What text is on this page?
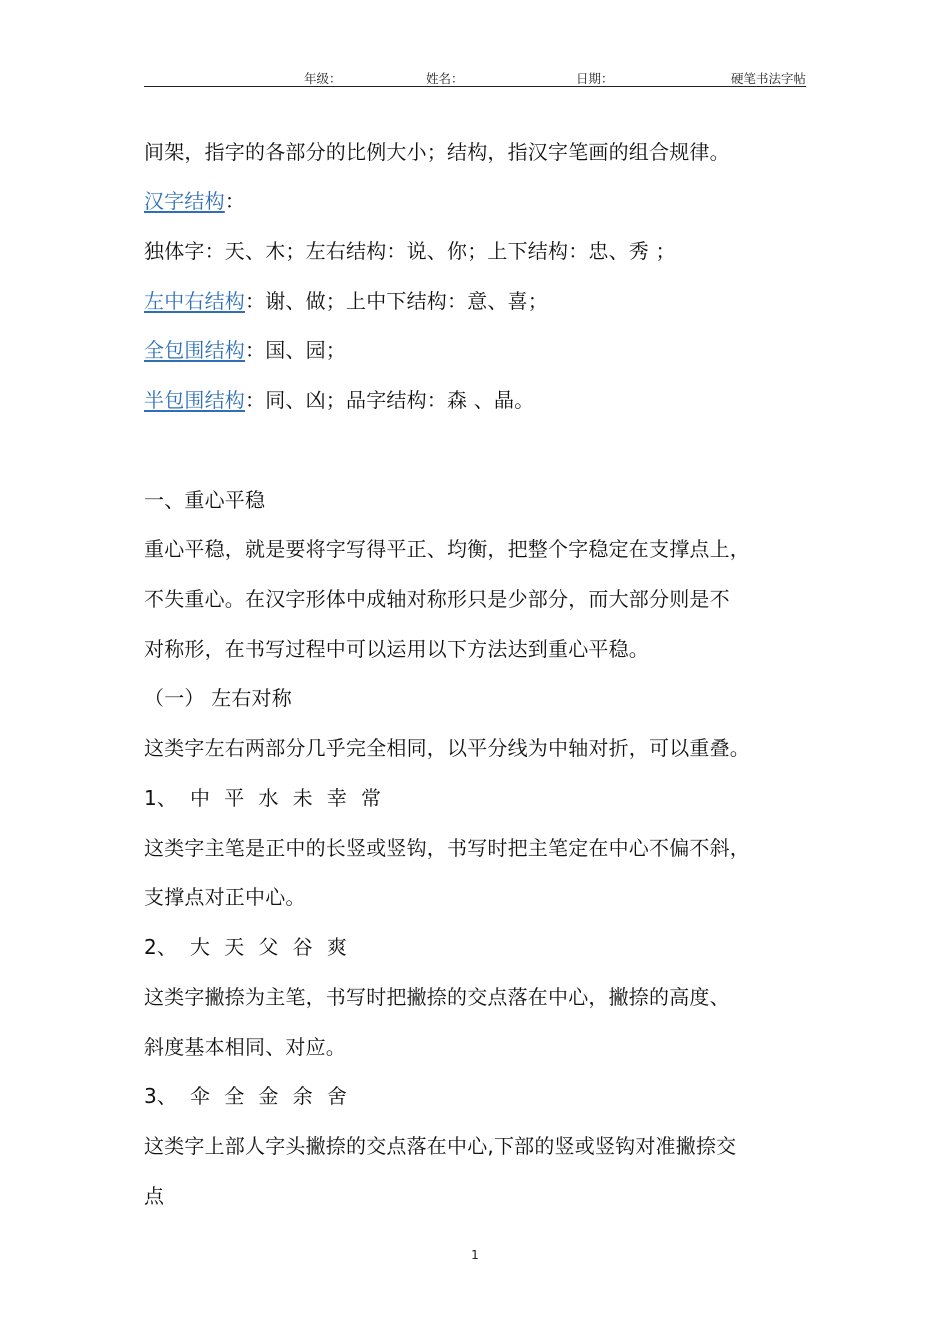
年级：	姓名：	日期：	硬笔书法字帖
间架，指字的各部分的比例大小；结构，指汉字笔画的组合规律。
汉字结构：
独体字：天、木；左右结构：说、你；上下结构：忠、秀 ；
左中右结构：谢、做；上中下结构：意、喜；
全包围结构：国、园；
半包围结构：同、凶；品字结构：森 、晶。
一、重心平稳
重心平稳，就是要将字写得平正、均衡，把整个字稳定在支撑点上，
不失重心。在汉字形体中成轴对称形只是少部分，而大部分则是不
对称形，在书写过程中可以运用以下方法达到重心平稳。
（一） 左右对称
这类字左右两部分几乎完全相同，以平分线为中轴对折，可以重叠。
1、 中 平 水 未 幸 常
这类字主笔是正中的长竖或竖钩，书写时把主笔定在中心不偏不斜，
支撑点对正中心。
2、 大 天 父 谷 爽
这类字撇捺为主笔，书写时把撇捺的交点落在中心，撇捺的高度、
斜度基本相同、对应。
3、 伞 全 金 余 舍
这类字上部人字头撇捺的交点落在中心,下部的竖或竖钩对准撇捺交
点
1
